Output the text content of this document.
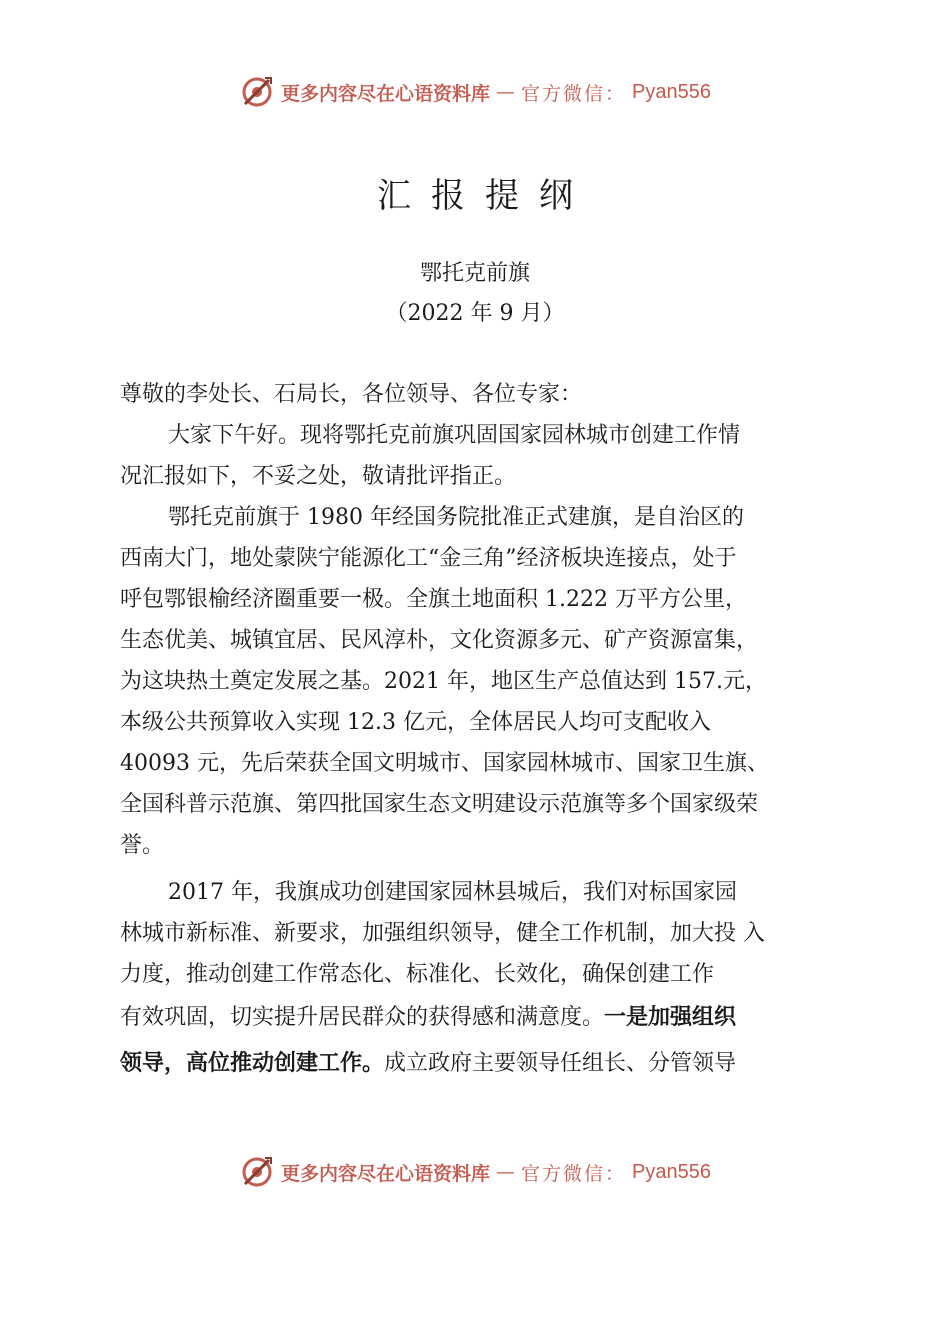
更多内容尽在心语资料库 — 官方微信： Pyan556
汇报提纲
鄂托克前旗
（2022 年 9 月）

尊敬的李处长、石局长，各位领导、各位专家：

大家下午好。现将鄂托克前旗巩固国家园林城市创建工作情
况汇报如下，不妥之处，敬请批评指正。

鄂托克前旗于 1980 年经国务院批准正式建旗，是自治区的
西南大门，地处蒙陕宁能源化工“金三角”经济板块连接点，处于
呼包鄂银榆经济圈重要一极。全旗土地面积 1.222 万平方公里，
生态优美、城镇宜居、民风淳朴，文化资源多元、矿产资源富集，
为这块热土奠定发展之基。2021 年，地区生产总值达到 157.元，
本级公共预算收入实现 12.3 亿元，全体居民人均可支配收入
40093 元，先后荣获全国文明城市、国家园林城市、国家卫生旗、
全国科普示范旗、第四批国家生态文明建设示范旗等多个国家级荣
誉。

2017 年，我旗成功创建国家园林县城后，我们对标国家园
林城市新标准、新要求，加强组织领导，健全工作机制，加大投 入
力度，推动创建工作常态化、标准化、长效化，确保创建工作
有效巩固，切实提升居民群众的获得感和满意度。一是加强组织
领导，高位推动创建工作。成立政府主要领导任组长、分管领导

更多内容尽在心语资料库 — 官方微信： Pyan556
